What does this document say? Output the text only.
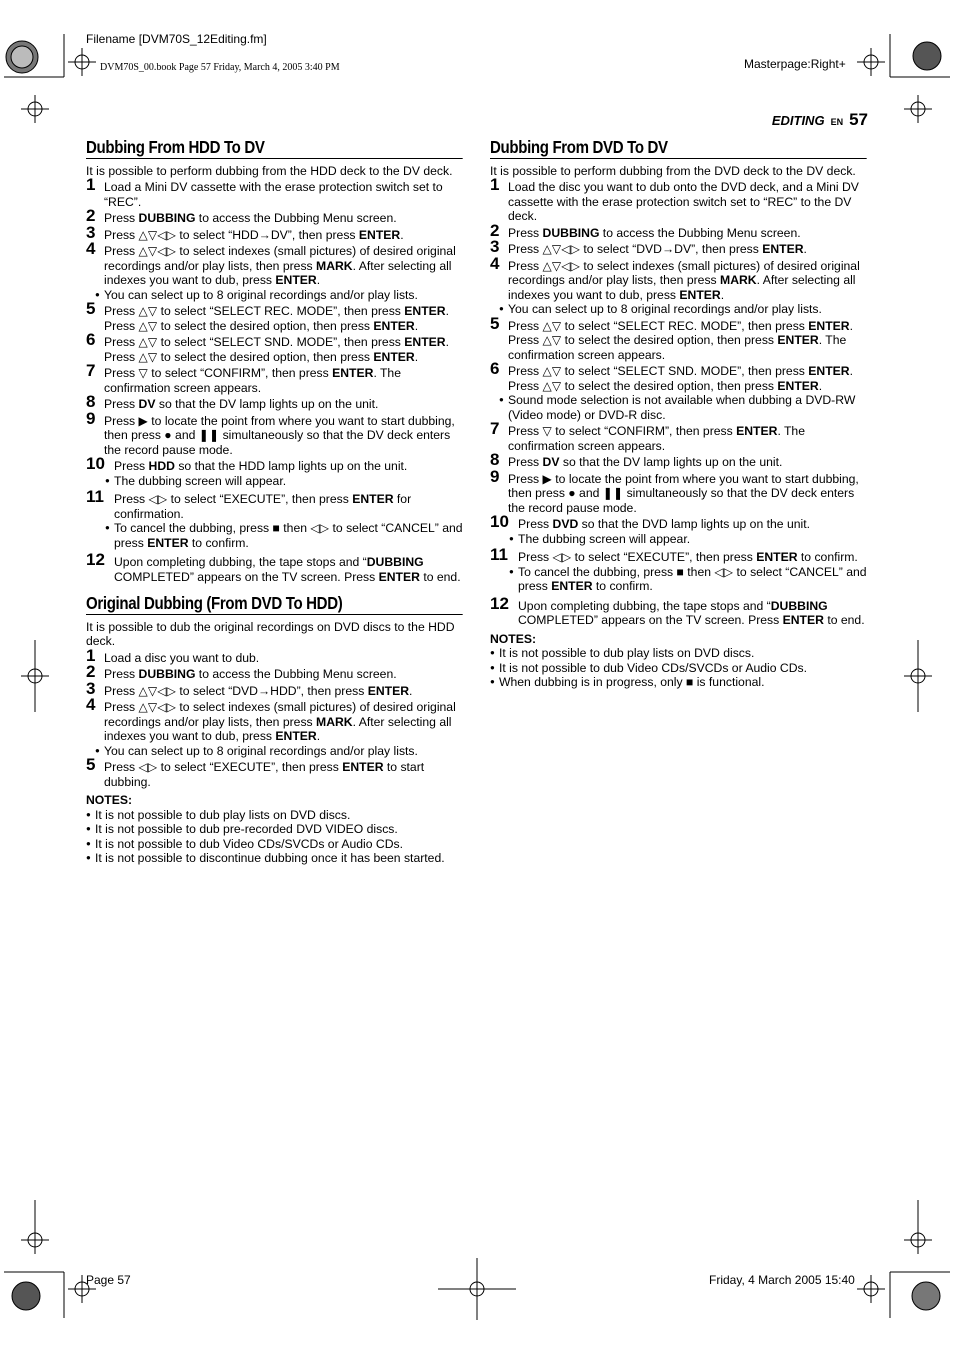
Filename [DVM70S_12Editing.fm]
DVM70S_00.book Page 57 Friday, March 4, 2005 3:40 PM	Masterpage:Right+
EDITING EN 57
Dubbing From HDD To DV

It is possible to perform dubbing from the HDD deck to the DV deck.

1 Load a Mini DV cassette with the erase protection switch set to “REC”.
2 Press DUBBING to access the Dubbing Menu screen.
3 Press △▽◁▷ to select “HDD→DV”, then press ENTER.
4 Press △▽◁▷ to select indexes (small pictures) of desired original recordings and/or play lists, then press MARK. After selecting all indexes you want to dub, press ENTER.

● You can select up to 8 original recordings and/or play lists.

5 Press △▽ to select “SELECT REC. MODE”, then press ENTER. Press △▽ to select the desired option, then press ENTER.
6 Press △▽ to select “SELECT SND. MODE”, then press ENTER. Press △▽ to select the desired option, then press ENTER.
7 Press ▽ to select “CONFIRM”, then press ENTER. The confirmation screen appears.
8 Press DV so that the DV lamp lights up on the unit.
9 Press ▶ to locate the point from where you want to start dubbing, then press ● and ❚❚ simultaneously so that the DV deck enters the record pause mode.
10 Press HDD so that the HDD lamp lights up on the unit.

● The dubbing screen will appear.

11 Press ◁▷ to select “EXECUTE”, then press ENTER for confirmation.

● To cancel the dubbing, press ■ then ◁▷ to select “CANCEL” and press ENTER to confirm.

12 Upon completing dubbing, the tape stops and “DUBBING COMPLETED” appears on the TV screen. Press ENTER to end.
Original Dubbing (From DVD To HDD)

It is possible to dub the original recordings on DVD discs to the HDD deck.

1 Load a disc you want to dub.
2 Press DUBBING to access the Dubbing Menu screen.
3 Press △▽◁▷ to select “DVD→HDD”, then press ENTER.
4 Press △▽◁▷ to select indexes (small pictures) of desired original recordings and/or play lists, then press MARK. After selecting all indexes you want to dub, press ENTER.

● You can select up to 8 original recordings and/or play lists.

5 Press ◁▷ to select “EXECUTE”, then press ENTER to start dubbing.

NOTES:

● It is not possible to dub play lists on DVD discs.

● It is not possible to dub pre-recorded DVD VIDEO discs.

● It is not possible to dub Video CDs/SVCDs or Audio CDs.

● It is not possible to discontinue dubbing once it has been started.

Dubbing From DVD To DV

It is possible to perform dubbing from the DVD deck to the DV deck.

1 Load the disc you want to dub onto the DVD deck, and a Mini DV cassette with the erase protection switch set to “REC” to the DV deck.
2 Press DUBBING to access the Dubbing Menu screen.
3 Press △▽◁▷ to select “DVD→DV”, then press ENTER.
4 Press △▽◁▷ to select indexes (small pictures) of desired original recordings and/or play lists, then press MARK. After selecting all indexes you want to dub, press ENTER.

● You can select up to 8 original recordings and/or play lists.

5 Press △▽ to select “SELECT REC. MODE”, then press ENTER. Press △▽ to select the desired option, then press ENTER. The confirmation screen appears.
6 Press △▽ to select “SELECT SND. MODE”, then press ENTER. Press △▽ to select the desired option, then press ENTER.

● Sound mode selection is not available when dubbing a DVD-RW (Video mode) or DVD-R disc.

7 Press ▽ to select “CONFIRM”, then press ENTER. The confirmation screen appears.
8 Press DV so that the DV lamp lights up on the unit.
9 Press ▶ to locate the point from where you want to start dubbing, then press ● and ❚❚ simultaneously so that the DV deck enters the record pause mode.
10 Press DVD so that the DVD lamp lights up on the unit.

● The dubbing screen will appear.

11 Press ◁▷ to select “EXECUTE”, then press ENTER to confirm.

● To cancel the dubbing, press ■ then ◁▷ to select “CANCEL” and press ENTER to confirm.

12 Upon completing dubbing, the tape stops and “DUBBING COMPLETED” appears on the TV screen. Press ENTER to end.

NOTES:

● It is not possible to dub play lists on DVD discs.

● It is not possible to dub Video CDs/SVCDs or Audio CDs.

● When dubbing is in progress, only ■ is functional.

Page 57	Friday, 4 March 2005 15:40
